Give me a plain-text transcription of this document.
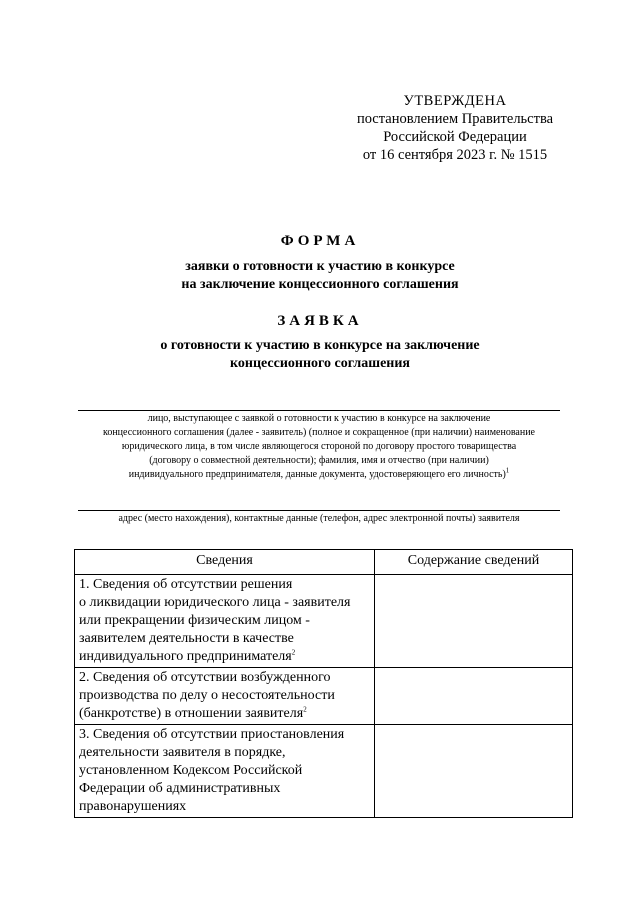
УТВЕРЖДЕНА
постановлением Правительства
Российской Федерации
от 16 сентября 2023 г. № 1515
ФОРМА
заявки о готовности к участию в конкурсе
на заключение концессионного соглашения
ЗАЯВКА
о готовности к участию в конкурсе на заключение
концессионного соглашения
лицо, выступающее с заявкой о готовности к участию в конкурсе на заключение
концессионного соглашения (далее - заявитель) (полное и сокращенное (при наличии) наименование
юридического лица, в том числе являющегося стороной по договору простого товарищества
(договору о совместной деятельности); фамилия, имя и отчество (при наличии)
индивидуального предпринимателя, данные документа, удостоверяющего его личность)$^1$
адрес (место нахождения), контактные данные (телефон, адрес электронной почты) заявителя
Сведения	Содержание сведений

1. Сведения об отсутствии решения
о ликвидации юридического лица - заявителя
или прекращении физическим лицом -
заявителем деятельности в качестве
индивидуального предпринимателя$^2$

2. Сведения об отсутствии возбужденного
производства по делу о несостоятельности
(банкротстве) в отношении заявителя$^2$

3. Сведения об отсутствии приостановления
деятельности заявителя в порядке,
установленном Кодексом Российской
Федерации об административных
правонарушениях	
